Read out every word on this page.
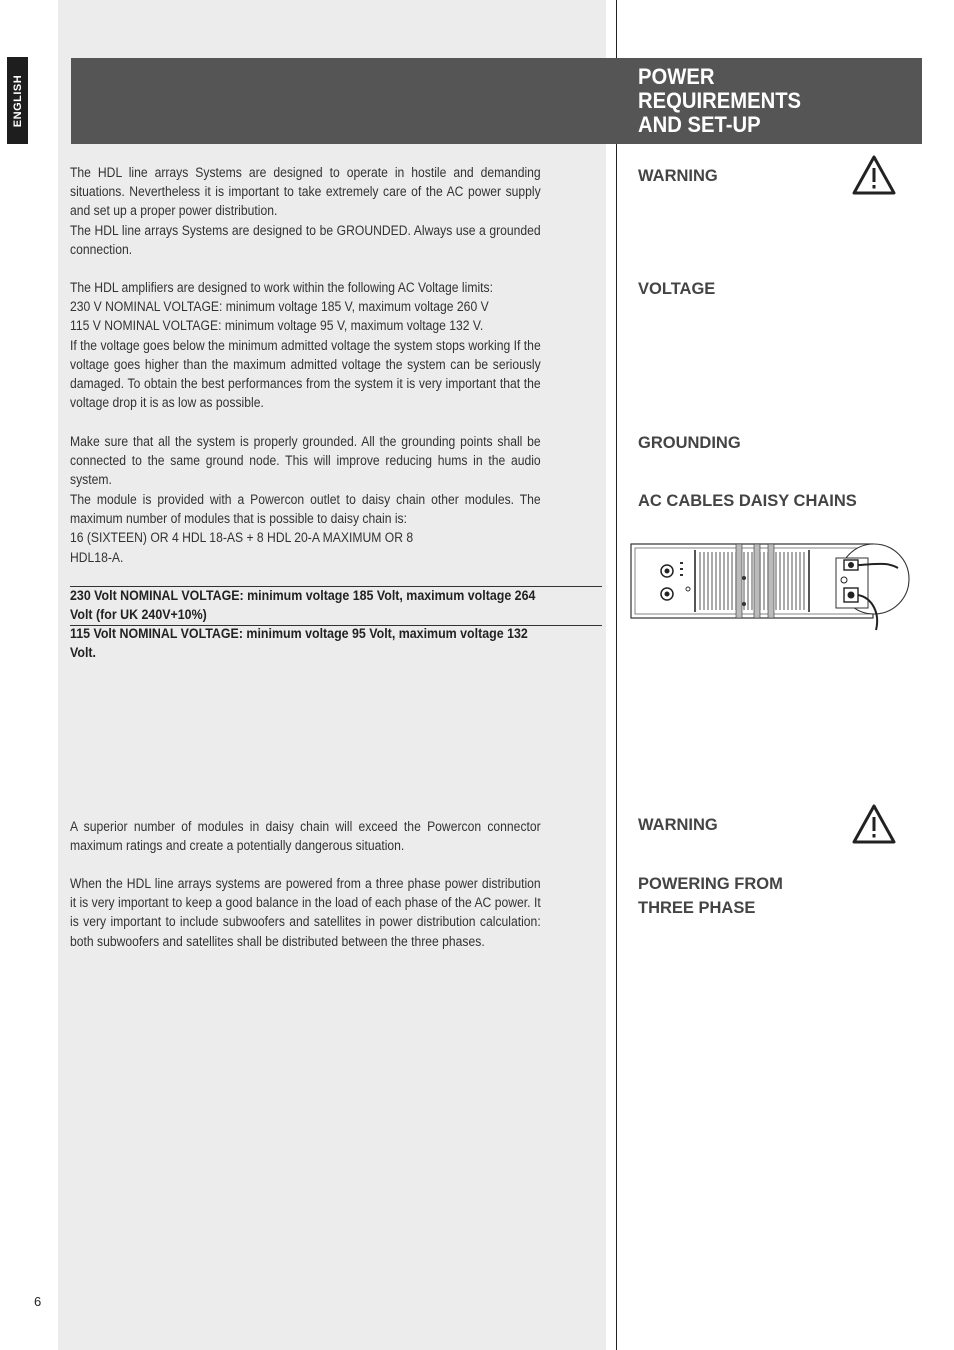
ENGLISH	POWER
REQUIREMENTS
AND SET-UP

The HDL line arrays Systems are designed to operate in hostile and demanding situations. Nevertheless it is important to take extremely care of the AC power supply and set up a proper power distribution.

The HDL line arrays Systems are designed to be GROUNDED. Always use a grounded connection.

The HDL amplifiers are designed to work within the following AC Voltage limits:

230 V NOMINAL VOLTAGE: minimum voltage 185 V, maximum voltage 260 V

115 V NOMINAL VOLTAGE: minimum voltage 95 V, maximum voltage 132 V.

If the voltage goes below the minimum admitted voltage the system stops working If the voltage goes higher than the maximum admitted voltage the system can be seriously damaged. To obtain the best performances from the system it is very important that the voltage drop it is as low as possible.

Make sure that all the system is properly grounded. All the grounding points shall be connected to the same ground node. This will improve reducing hums in the audio system.

The module is provided with a Powercon outlet to daisy chain other modules. The maximum number of modules that is possible to daisy chain is:

16 (SIXTEEN) OR 4 HDL 18-AS + 8 HDL 20-A MAXIMUM OR 8

HDL18-A.

230 Volt NOMINAL VOLTAGE: minimum voltage 185 Volt, maximum voltage 264 Volt (for UK 240V+10%)
115 Volt NOMINAL VOLTAGE: minimum voltage 95 Volt, maximum voltage 132 Volt.

A superior number of modules in daisy chain will exceed the Powercon connector maximum ratings and create a potentially dangerous situation.

When the HDL line arrays systems are powered from a three phase power distribution it is very important to keep a good balance in the load of each phase of the AC power. It is very important to include subwoofers and satellites in power distribution calculation: both subwoofers and satellites shall be distributed between the three phases.

WARNING
VOLTAGE
GROUNDING
AC CABLES DAISY CHAINS
WARNING
POWERING FROM
THREE PHASE
6
